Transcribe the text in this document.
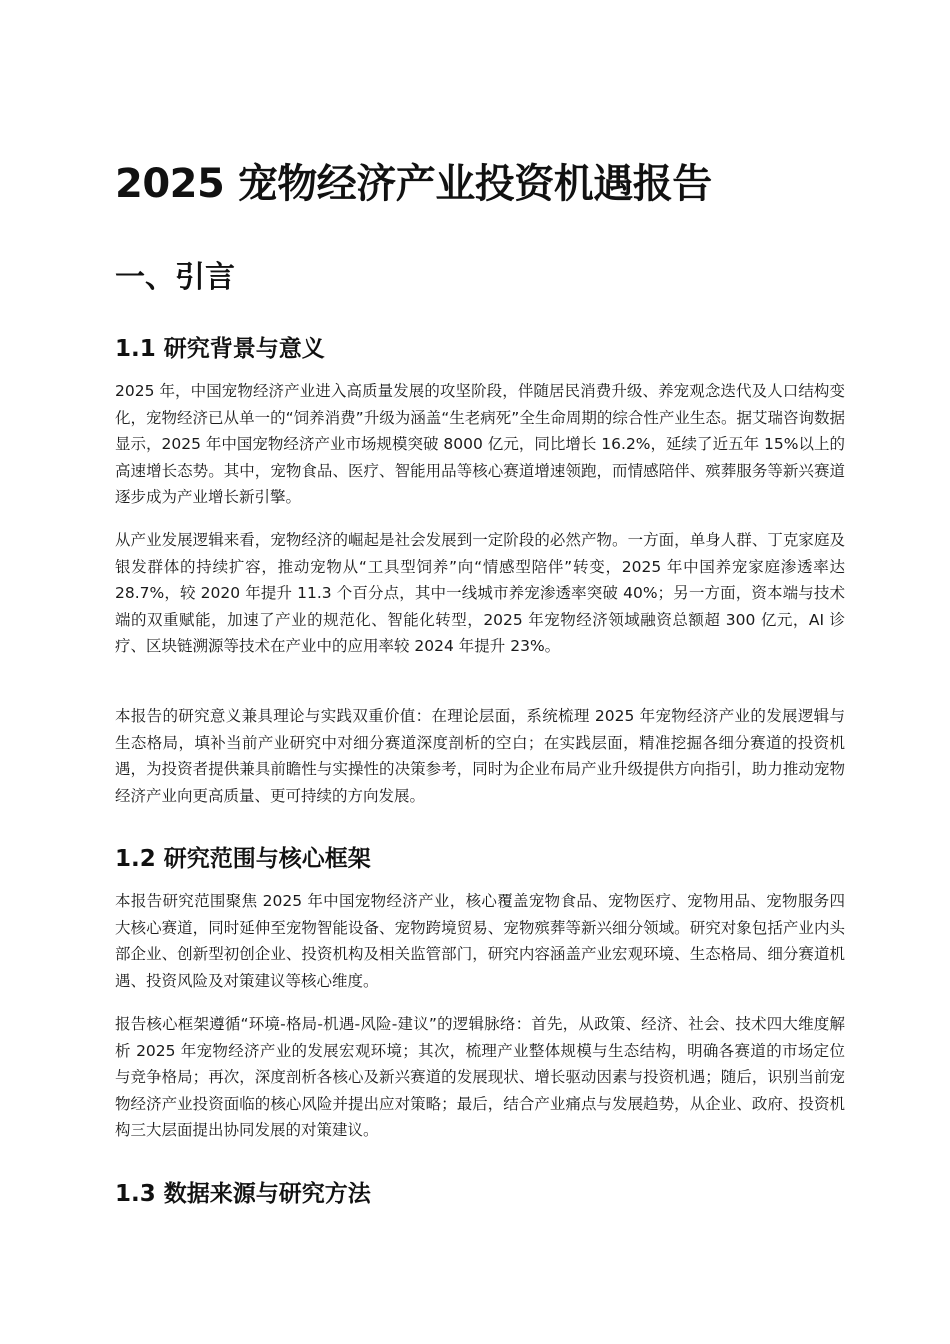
2025 宠物经济产业投资机遇报告
一、引言
1.1 研究背景与意义

2025 年，中国宠物经济产业进入高质量发展的攻坚阶段，伴随居民消费升级、养宠观念迭代及人口结构变化，宠物经济已从单一的“饲养消费”升级为涵盖“生老病死”全生命周期的综合性产业生态。据艾瑞咨询数据显示，2025 年中国宠物经济产业市场规模突破 8000 亿元，同比增长 16.2%，延续了近五年 15%以上的高速增长态势。其中，宠物食品、医疗、智能用品等核心赛道增速领跑，而情感陪伴、殡葬服务等新兴赛道逐步成为产业增长新引擎。

从产业发展逻辑来看，宠物经济的崛起是社会发展到一定阶段的必然产物。一方面，单身人群、丁克家庭及银发群体的持续扩容，推动宠物从“工具型饲养”向“情感型陪伴”转变，2025 年中国养宠家庭渗透率达 28.7%，较 2020 年提升 11.3 个百分点，其中一线城市养宠渗透率突破 40%；另一方面，资本端与技术端的双重赋能，加速了产业的规范化、智能化转型，2025 年宠物经济领域融资总额超 300 亿元，AI 诊疗、区块链溯源等技术在产业中的应用率较 2024 年提升 23%。

本报告的研究意义兼具理论与实践双重价值：在理论层面，系统梳理 2025 年宠物经济产业的发展逻辑与生态格局，填补当前产业研究中对细分赛道深度剖析的空白；在实践层面，精准挖掘各细分赛道的投资机遇，为投资者提供兼具前瞻性与实操性的决策参考，同时为企业布局产业升级提供方向指引，助力推动宠物经济产业向更高质量、更可持续的方向发展。

1.2 研究范围与核心框架

本报告研究范围聚焦 2025 年中国宠物经济产业，核心覆盖宠物食品、宠物医疗、宠物用品、宠物服务四大核心赛道，同时延伸至宠物智能设备、宠物跨境贸易、宠物殡葬等新兴细分领域。研究对象包括产业内头部企业、创新型初创企业、投资机构及相关监管部门，研究内容涵盖产业宏观环境、生态格局、细分赛道机遇、投资风险及对策建议等核心维度。

报告核心框架遵循“环境-格局-机遇-风险-建议”的逻辑脉络：首先，从政策、经济、社会、技术四大维度解析 2025 年宠物经济产业的发展宏观环境；其次，梳理产业整体规模与生态结构，明确各赛道的市场定位与竞争格局；再次，深度剖析各核心及新兴赛道的发展现状、增长驱动因素与投资机遇；随后，识别当前宠物经济产业投资面临的核心风险并提出应对策略；最后，结合产业痛点与发展趋势，从企业、政府、投资机构三大层面提出协同发展的对策建议。

1.3 数据来源与研究方法
